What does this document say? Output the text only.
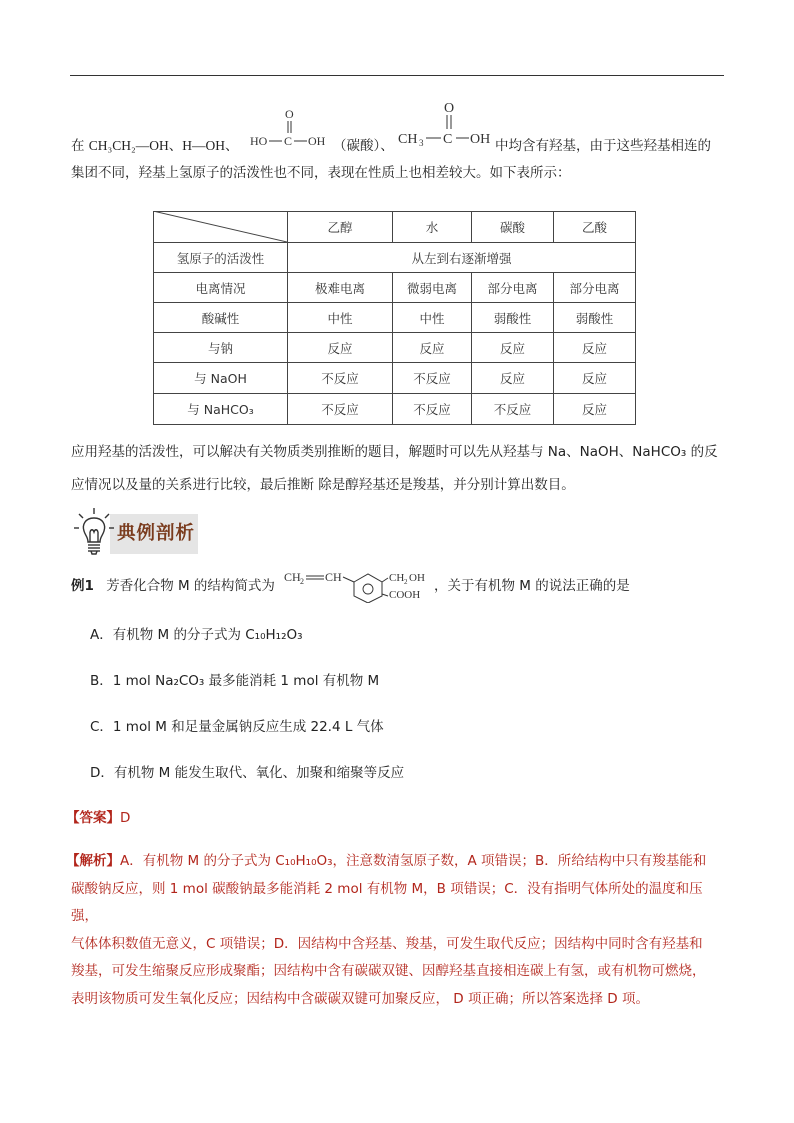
在 CH₃CH₂—OH、H—OH、
O
HO C OH （碳酸）、
O
CH 3 C OH 中均含有羟基，由于这些羟基相连的
集团不同，羟基上氢原子的活泼性也不同，表现在性质上也相差较大。如下表所示：
	乙醇	水	碳酸	乙酸
氢原子的活泼性	从左到右逐渐增强			
电离情况	极难电离	微弱电离	部分电离	部分电离
酸碱性	中性	中性	弱酸性	弱酸性
与钠	反应	反应	反应	反应
与 NaOH	不反应	不反应	反应	反应
与 NaHCO₃	不反应	不反应	不反应	反应
应用羟基的活泼性，可以解决有关物质类别推断的题目，解题时可以先从羟基与 Na、NaOH、NaHCO₃ 的反
应情况以及量的关系进行比较，最后推断 除是醇羟基还是羧基，并分别计算出数目。
典例剖析
例1 芳香化合物 M 的结构简式为
CH 2 CH	CH 2 OH
COOH
，关于有机物 M 的说法正确的是
A．有机物 M 的分子式为 C₁₀H₁₂O₃
B．1 mol Na₂CO₃ 最多能消耗 1 mol 有机物 M
C．1 mol M 和足量金属钠反应生成 22.4 L 气体
D．有机物 M 能发生取代、氧化、加聚和缩聚等反应
【答案】D
【解析】A．有机物 M 的分子式为 C₁₀H₁₀O₃，注意数清氢原子数，A 项错误；B．所给结构中只有羧基能和
碳酸钠反应，则 1 mol 碳酸钠最多能消耗 2 mol 有机物 M，B 项错误；C．没有指明气体所处的温度和压强，
气体体积数值无意义，C 项错误；D．因结构中含羟基、羧基，可发生取代反应；因结构中同时含有羟基和
羧基，可发生缩聚反应形成聚酯；因结构中含有碳碳双键、因醇羟基直接相连碳上有氢，或有机物可燃烧，
表明该物质可发生氧化反应；因结构中含碳碳双键可加聚反应， D 项正确；所以答案选择 D 项。
